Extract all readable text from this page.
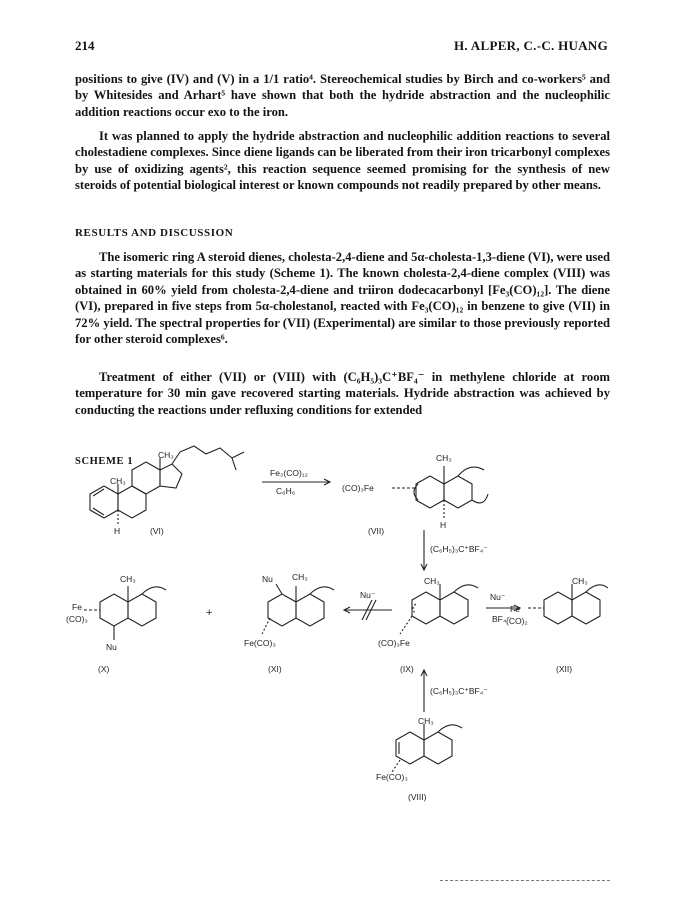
214	H. ALPER, C.-C. HUANG

positions to give (IV) and (V) in a 1/1 ratio⁴. Stereochemical studies by Birch and co-workers⁵ and by Whitesides and Arhart⁵ have shown that both the hydride abstraction and the nucleophilic addition reactions occur exo to the iron.

It was planned to apply the hydride abstraction and nucleophilic addition reactions to several cholestadiene complexes. Since diene ligands can be liberated from their iron tricarbonyl complexes by use of oxidizing agents², this reaction sequence seemed promising for the synthesis of new steroids of potential biological interest or known compounds not readily prepared by other means.

RESULTS AND DISCUSSION

The isomeric ring A steroid dienes, cholesta-2,4-diene and 5α-cholesta-1,3-diene (VI), were used as starting materials for this study (Scheme 1). The known cholesta-2,4-diene complex (VIII) was obtained in 60% yield from cholesta-2,4-diene and triiron dodecacarbonyl [Fe₃(CO)₁₂]. The diene (VI), prepared in five steps from 5α-cholestanol, reacted with Fe₃(CO)₁₂ in benzene to give (VII) in 72% yield. The spectral properties for (VII) (Experimental) are similar to those previously reported for other steroid complexes⁶.

Treatment of either (VII) or (VIII) with (C₆H₅)₃C⁺BF₄⁻ in methylene chloride at room temperature for 30 min gave recovered starting materials. Hydride abstraction was achieved by conducting the reactions under refluxing conditions for extended

SCHEME 1
CH₃
CH₃
H	(VI)
Fe₃(CO)₁₂
C₆H₆	(CO)₃Fe
CH₃
H
(VII)
(C₆H₅)₃C⁺BF₄⁻
Fe
(CO)₃
CH₃
Nu
(X)
+
Nu CH₃
Fe(CO)₃
(XI)
Nu⁻
CH₃
(CO)₃Fe
(IX)
Nu⁻
BF₄⁻
Fe
(CO)₂
CH₃
(XII)
(C₆H₅)₃C⁺BF₄⁻
CH₃
Fe(CO)₃
(VIII)
